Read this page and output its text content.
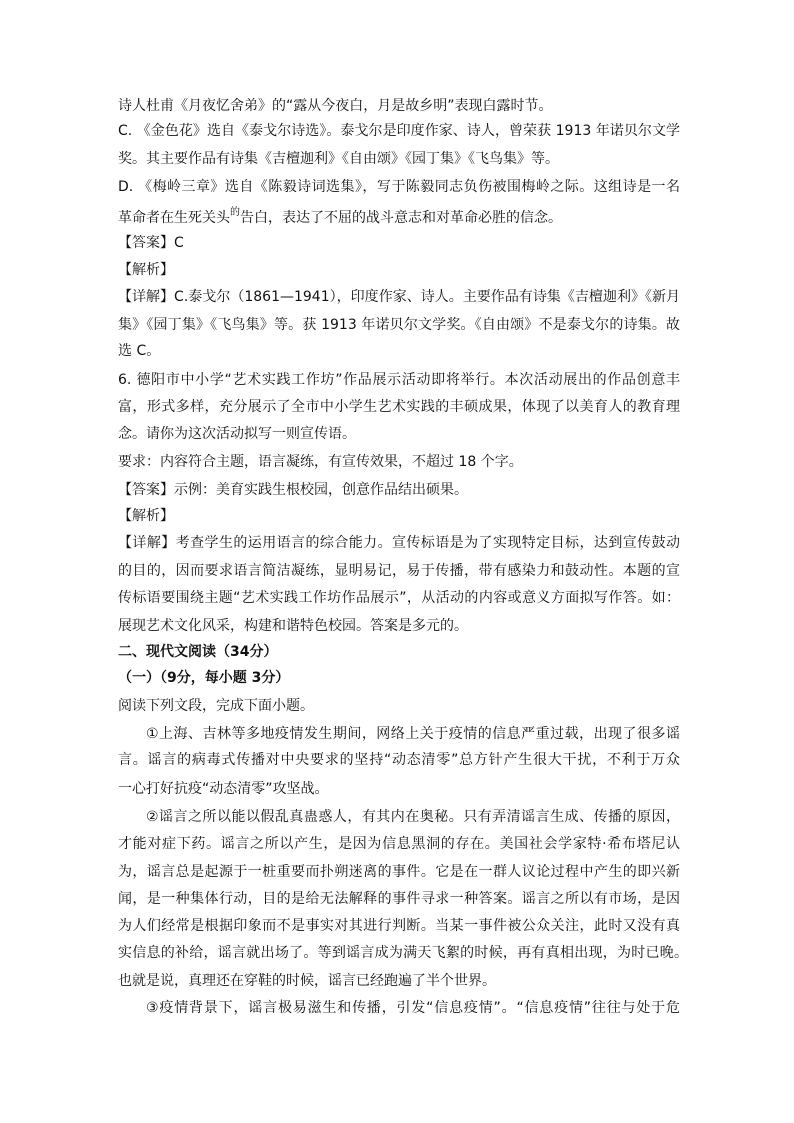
诗人杜甫《月夜忆舍弟》的“露从今夜白，月是故乡明”表现白露时节。
C. 《金色花》选自《泰戈尔诗选》。泰戈尔是印度作家、诗人，曾荣获 1913 年诺贝尔文学
奖。其主要作品有诗集《吉檀迦利》《自由颂》《园丁集》《飞鸟集》等。
D. 《梅岭三章》选自《陈毅诗词选集》，写于陈毅同志负伤被围梅岭之际。这组诗是一名
革命者在生死关头$^的$告白，表达了不屈的战斗意志和对革命必胜的信念。
【答案】C
【解析】
【详解】C.泰戈尔（1861—1941），印度作家、诗人。主要作品有诗集《吉檀迦利》《新月
集》《园丁集》《飞鸟集》等。获 1913 年诺贝尔文学奖。《自由颂》不是泰戈尔的诗集。故
选 C。
6. 德阳市中小学“艺术实践工作坊”作品展示活动即将举行。本次活动展出的作品创意丰
富，形式多样，充分展示了全市中小学生艺术实践的丰硕成果，体现了以美育人的教育理
念。请你为这次活动拟写一则宣传语。
要求：内容符合主题，语言凝练，有宣传效果，不超过 18 个字。
【答案】示例：美育实践生根校园，创意作品结出硕果。
【解析】
【详解】考查学生的运用语言的综合能力。宣传标语是为了实现特定目标，达到宣传鼓动
的目的，因而要求语言简洁凝练，显明易记，易于传播，带有感染力和鼓动性。本题的宣
传标语要围绕主题“艺术实践工作坊作品展示”，从活动的内容或意义方面拟写作答。如：
展现艺术文化风采，构建和谐特色校园。答案是多元的。
二、现代文阅读（34分）
（一）（9分，每小题 3分）
阅读下列文段，完成下面小题。
①上海、吉林等多地疫情发生期间，网络上关于疫情的信息严重过载，出现了很多谣
言。谣言的病毒式传播对中央要求的坚持“动态清零”总方针产生很大干扰，不利于万众
一心打好抗疫“动态清零”攻坚战。
②谣言之所以能以假乱真蛊惑人，有其内在奥秘。只有弄清谣言生成、传播的原因，
才能对症下药。谣言之所以产生，是因为信息黑洞的存在。美国社会学家特·希布塔尼认
为，谣言总是起源于一桩重要而扑朔迷离的事件。它是在一群人议论过程中产生的即兴新
闻，是一种集体行动，目的是给无法解释的事件寻求一种答案。谣言之所以有市场，是因
为人们经常是根据印象而不是事实对其进行判断。当某一事件被公众关注，此时又没有真
实信息的补给，谣言就出场了。等到谣言成为满天飞絮的时候，再有真相出现，为时已晚。
也就是说，真理还在穿鞋的时候，谣言已经跑遍了半个世界。
③疫情背景下，谣言极易滋生和传播，引发“信息疫情”。“信息疫情”往往与处于危
